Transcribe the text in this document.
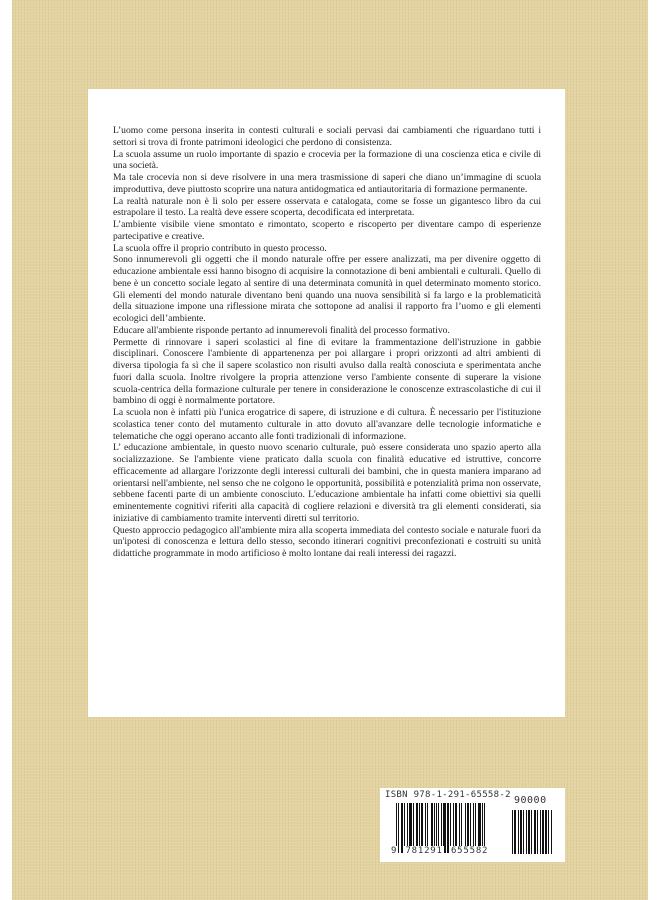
L’uomo come persona inserita in contesti culturali e sociali pervasi dai cambiamenti che riguardano tutti i settori si trova di fronte patrimoni ideologici che perdono di consistenza.

La scuola assume un ruolo importante di spazio e crocevia per la formazione di una coscienza etica e civile di una società.

Ma tale crocevia non si deve risolvere in una mera trasmissione di saperi che diano un’immagine di scuola improduttiva, deve piuttosto scoprire una natura antidogmatica ed antiautoritaria di formazione permanente.

La realtà naturale non è lì solo per essere osservata e catalogata, come se fosse un gigantesco libro da cui estrapolare il testo. La realtà deve essere scoperta, decodificata ed interpretata.

L’ambiente visibile viene smontato e rimontato, scoperto e riscoperto per diventare campo di esperienze partecipative e creative.

La scuola offre il proprio contributo in questo processo.

Sono innumerevoli gli oggetti che il mondo naturale offre per essere analizzati, ma per divenire oggetto di educazione ambientale essi hanno bisogno di acquisire la connotazione di beni ambientali e culturali. Quello di bene è un concetto sociale legato al sentire di una determinata comunità in quel determinato momento storico. Gli elementi del mondo naturale diventano beni quando una nuova sensibilità si fa largo e la problematicità della situazione impone una riflessione mirata che sottopone ad analisi il rapporto fra l’uomo e gli elementi ecologici dell’ambiente.

Educare all'ambiente risponde pertanto ad innumerevoli finalità del processo formativo.

Permette di rinnovare i saperi scolastici al fine di evitare la frammentazione dell'istruzione in gabbie disciplinari. Conoscere l'ambiente di appartenenza per poi allargare i propri orizzonti ad altri ambienti di diversa tipologia fa sì che il sapere scolastico non risulti avulso dalla realtà conosciuta e sperimentata anche fuori dalla scuola. Inoltre rivolgere la propria attenzione verso l'ambiente consente di superare la visione scuola-centrica della formazione culturale per tenere in considerazione le conoscenze extrascolastiche di cui il bambino di oggi è normalmente portatore.

La scuola non è infatti più l'unica erogatrice di sapere, di istruzione e di cultura. È necessario per l'istituzione scolastica tener conto del mutamento culturale in atto dovuto all'avanzare delle tecnologie informatiche e telematiche che oggi operano accanto alle fonti tradizionali di informazione.

L’ educazione ambientale, in questo nuovo scenario culturale, può essere considerata uno spazio aperto alla socializzazione. Se l'ambiente viene praticato dalla scuola con finalità educative ed istruttive, concorre efficacemente ad allargare l'orizzonte degli interessi culturali dei bambini, che in questa maniera imparano ad orientarsi nell'ambiente, nel senso che ne colgono le opportunità, possibilità e potenzialità prima non osservate, sebbene facenti parte di un ambiente conosciuto. L'educazione ambientale ha infatti come obiettivi sia quelli eminentemente cognitivi riferiti alla capacità di cogliere relazioni e diversità tra gli elementi considerati, sia iniziative di cambiamento tramite interventi diretti sul territorio.

Questo approccio pedagogico all'ambiente mira alla scoperta immediata del contesto sociale e naturale fuori da un'ipotesi di conoscenza e lettura dello stesso, secondo itinerari cognitivi preconfezionati e costruiti su unità didattiche programmate in modo artificioso è molto lontane dai reali interessi dei ragazzi.

ISBN 978-1-291-65558-2 90000
9 781291 655582
